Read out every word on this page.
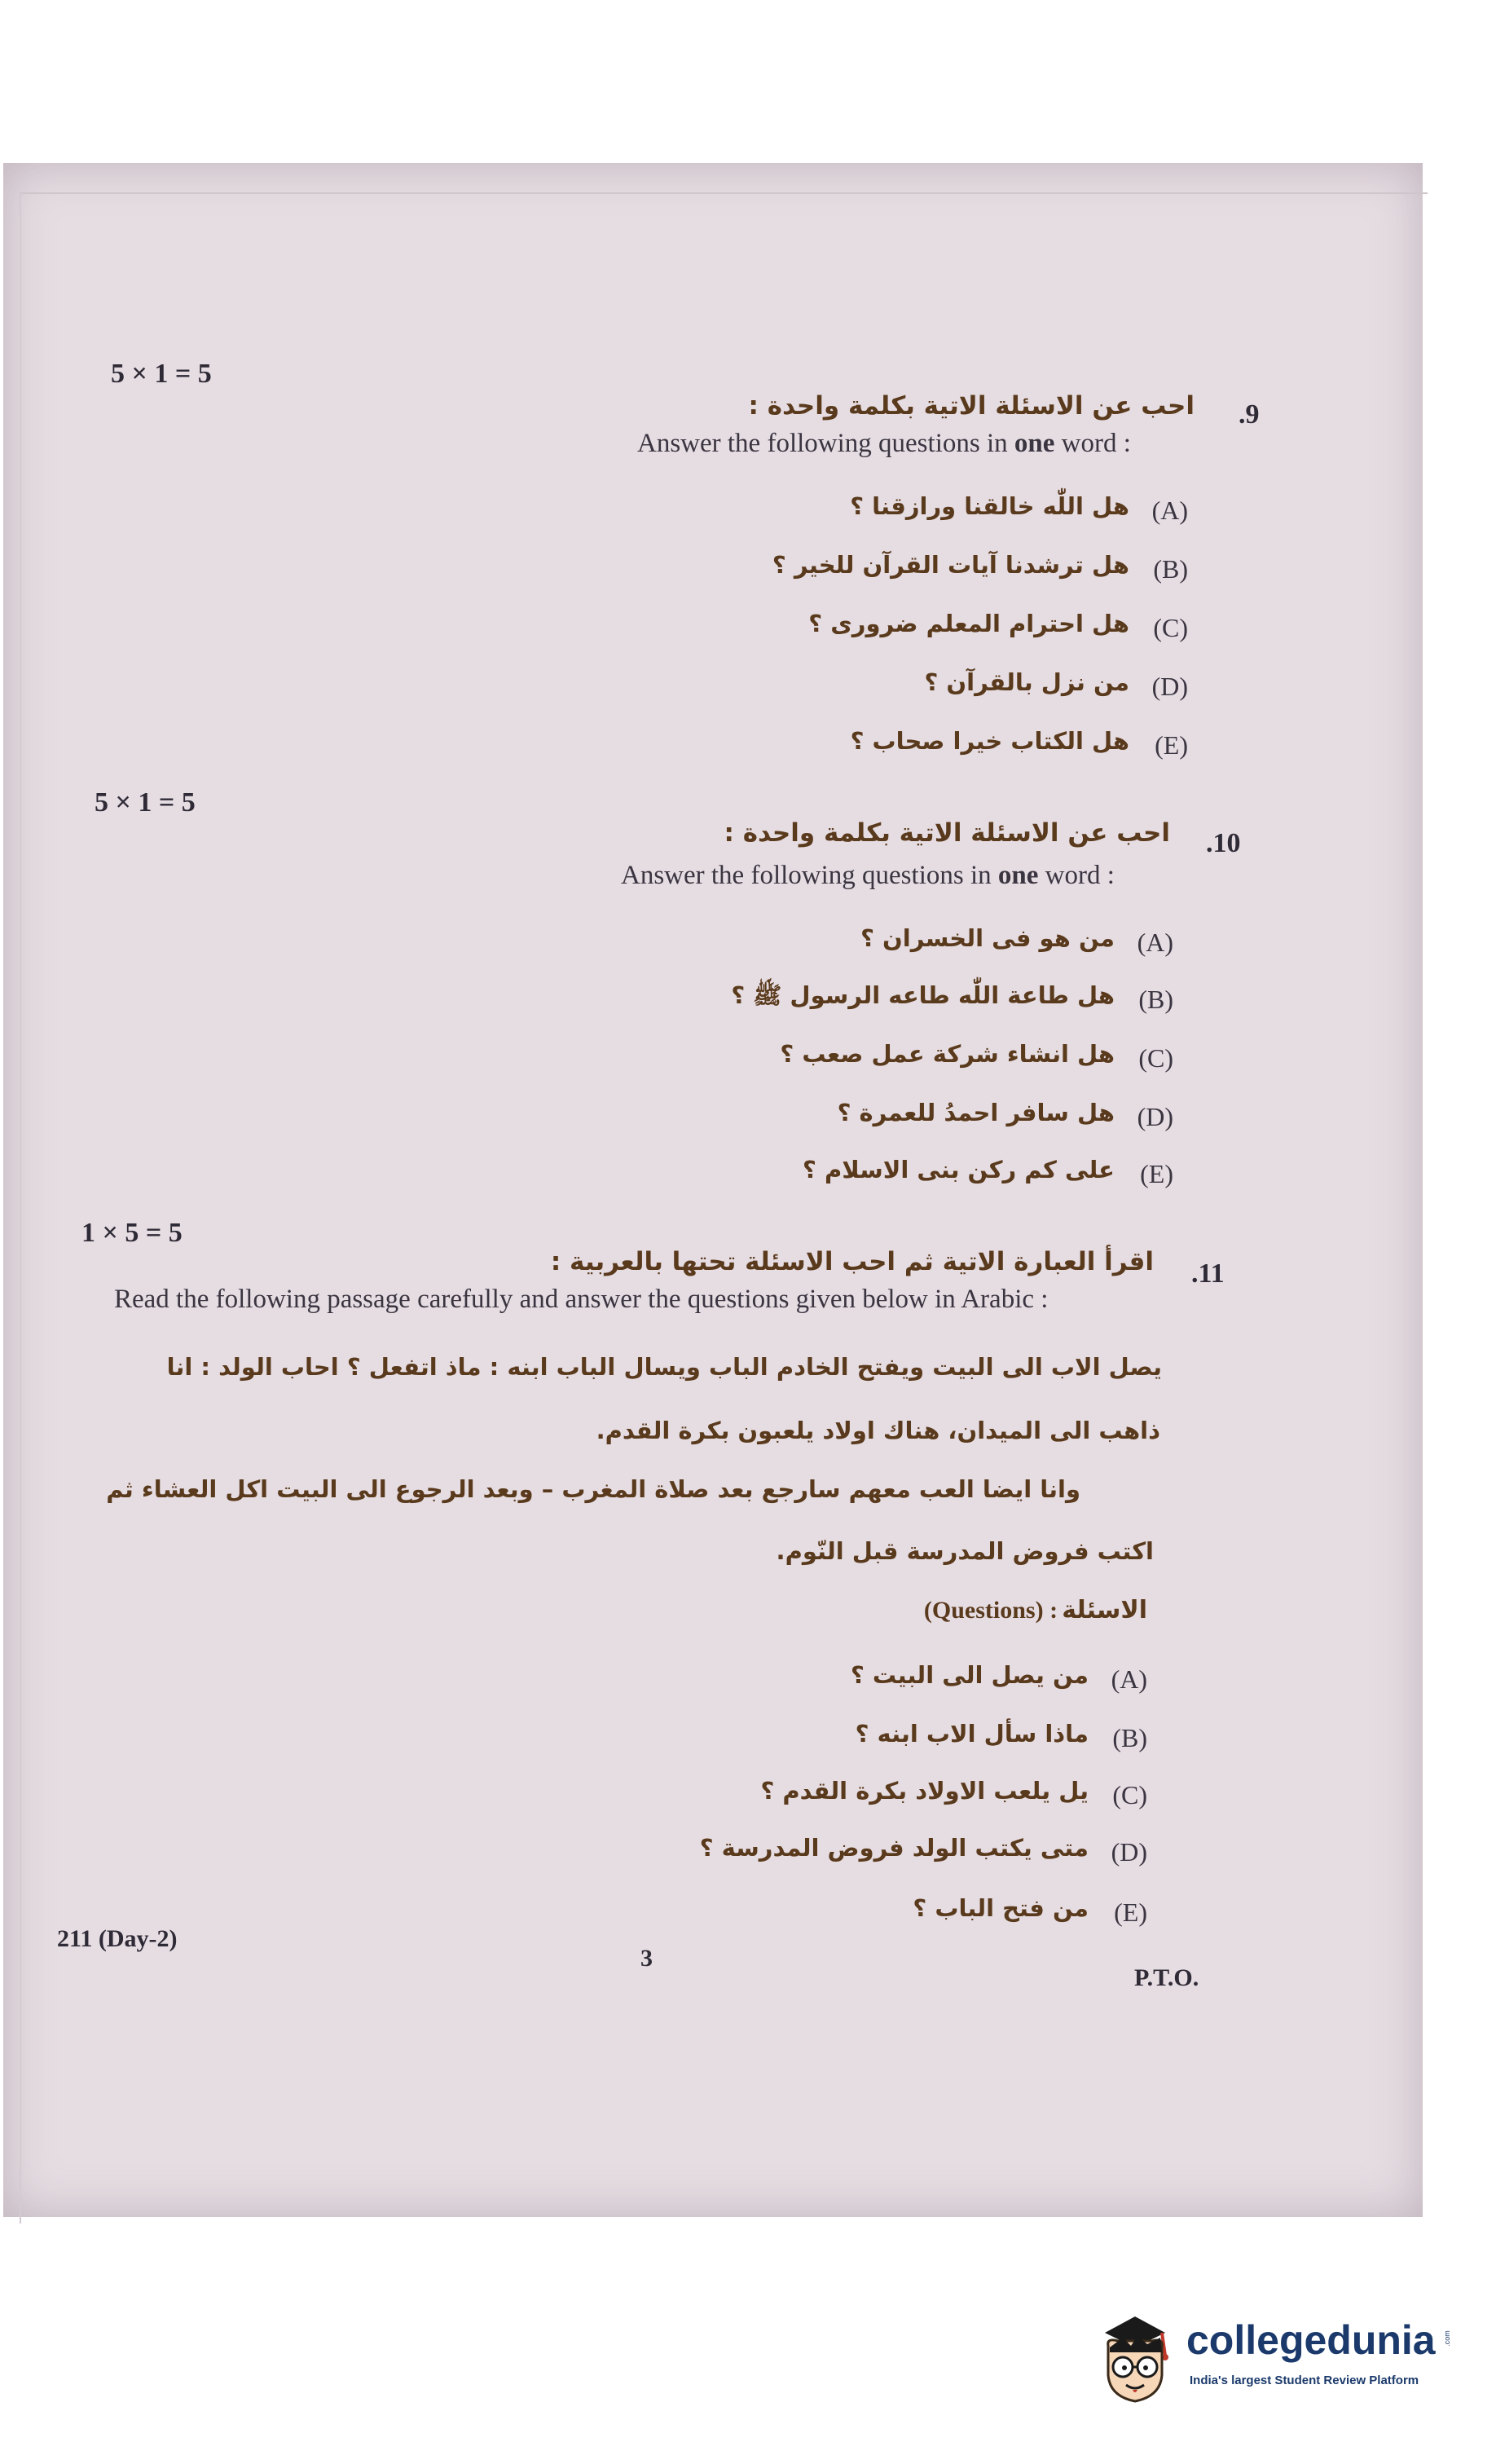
5 × 1 = 5
.9
احب عن الاسئلة الاتية بكلمة واحدة :
Answer the following questions in one word :
(A)
هل اللّٰه خالقنا ورازقنا ؟
(B)
هل ترشدنا آيات القرآن للخير ؟
(C)
هل احترام المعلم ضرورى ؟
(D)
من نزل بالقرآن ؟
(E)
هل الكتاب خيرا صحاب ؟
5 × 1 = 5
.10
احب عن الاسئلة الاتية بكلمة واحدة :
Answer the following questions in one word :
(A)
من هو فى الخسران ؟
(B)
هل طاعة اللّٰه طاعه الرسول ﷺ ؟
(C)
هل انشاء شركة عمل صعب ؟
(D)
هل سافر احمدُ للعمرة ؟
(E)
على كم ركن بنى الاسلام ؟
1 × 5 = 5
.11
اقرأ العبارة الاتية ثم احب الاسئلة تحتها بالعربية :
Read the following passage carefully and answer the questions given below in Arabic :
يصل الاب الى البيت ويفتح الخادم الباب ويسال الباب ابنه : ماذ اتفعل ؟ احاب الولد : انا
ذاهب الى الميدان، هناك اولاد يلعبون بكرة القدم.
وانا ايضا العب معهم سارجع بعد صلاة المغرب – وبعد الرجوع الى البيت اكل العشاء ثم
اكتب فروض المدرسة قبل النّوم.
الاسئلة (Questions) :
(A)
من يصل الى البيت ؟
(B)
ماذا سأل الاب ابنه ؟
(C)
يل يلعب الاولاد بكرة القدم ؟
(D)
متى يكتب الولد فروض المدرسة ؟
(E)
من فتح الباب ؟
211 (Day-2)
3
P.T.O.
collegedunia .com
India's largest Student Review Platform
